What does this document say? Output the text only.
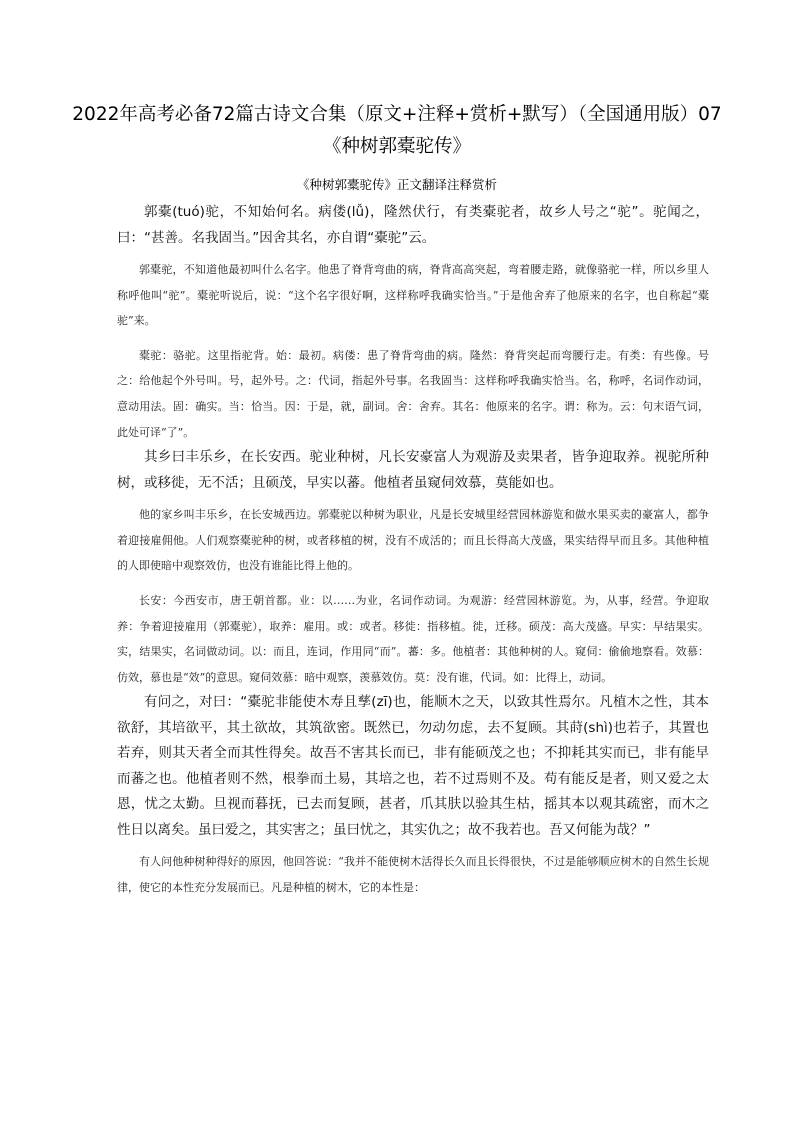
2022年高考必备72篇古诗文合集（原文+注释+赏析+默写）（全国通用版）07 《种树郭橐驼传》
《种树郭橐驼传》正文翻译注释赏析

郭橐(tuó)驼，不知始何名。病偻(lǚ)，隆然伏行，有类橐驼者，故乡人号之“驼”。驼闻之，曰：“甚善。名我固当。”因舍其名，亦自谓“橐驼”云。

郭橐驼，不知道他最初叫什么名字。他患了脊背弯曲的病，脊背高高突起，弯着腰走路，就像骆驼一样，所以乡里人称呼他叫“驼”。橐驼听说后，说：“这个名字很好啊，这样称呼我确实恰当。”于是他舍弃了他原来的名字，也自称起“橐驼”来。

橐驼：骆驼。这里指驼背。始：最初。病偻：患了脊背弯曲的病。隆然：脊背突起而弯腰行走。有类：有些像。号之：给他起个外号叫。号，起外号。之：代词，指起外号事。名我固当：这样称呼我确实恰当。名，称呼，名词作动词，意动用法。固：确实。当：恰当。因：于是，就，副词。舍：舍弃。其名：他原来的名字。谓：称为。云：句末语气词，此处可译“了”。

其乡曰丰乐乡，在长安西。驼业种树，凡长安豪富人为观游及卖果者，皆争迎取养。视驼所种树，或移徙，无不活；且硕茂，早实以蕃。他植者虽窥伺效慕，莫能如也。

他的家乡叫丰乐乡，在长安城西边。郭橐驼以种树为职业，凡是长安城里经营园林游览和做水果买卖的豪富人，都争着迎接雇佣他。人们观察橐驼种的树，或者移植的树，没有不成活的；而且长得高大茂盛，果实结得早而且多。其他种植的人即使暗中观察效仿，也没有谁能比得上他的。

长安：今西安市，唐王朝首都。业：以……为业，名词作动词。为观游：经营园林游览。为，从事，经营。争迎取养：争着迎接雇用（郭橐驼），取养：雇用。或：或者。移徙：指移植。徙，迁移。硕茂：高大茂盛。早实：早结果实。实，结果实，名词做动词。以：而且，连词，作用同“而”。蕃：多。他植者：其他种树的人。窥伺：偷偷地察看。效慕：仿效，慕也是“效”的意思。窥伺效慕：暗中观察，羡慕效仿。莫：没有谁，代词。如：比得上，动词。

有问之，对曰：“橐驼非能使木寿且孳(zī)也，能顺木之天，以致其性焉尔。凡植木之性，其本欲舒，其培欲平，其土欲故，其筑欲密。既然已，勿动勿虑，去不复顾。其莳(shì)也若子，其置也若弃，则其天者全而其性得矣。故吾不害其长而已，非有能硕茂之也；不抑耗其实而已，非有能早而蕃之也。他植者则不然，根拳而土易，其培之也，若不过焉则不及。苟有能反是者，则又爱之太恩，忧之太勤。旦视而暮抚，已去而复顾，甚者，爪其肤以验其生枯，摇其本以观其疏密，而木之性日以离矣。虽曰爱之，其实害之；虽曰忧之，其实仇之；故不我若也。吾又何能为哉？”

有人问他种树种得好的原因，他回答说：“我并不能使树木活得长久而且长得很快，不过是能够顺应树木的自然生长规律，使它的本性充分发展而已。凡是种植的树木，它的本性是：
